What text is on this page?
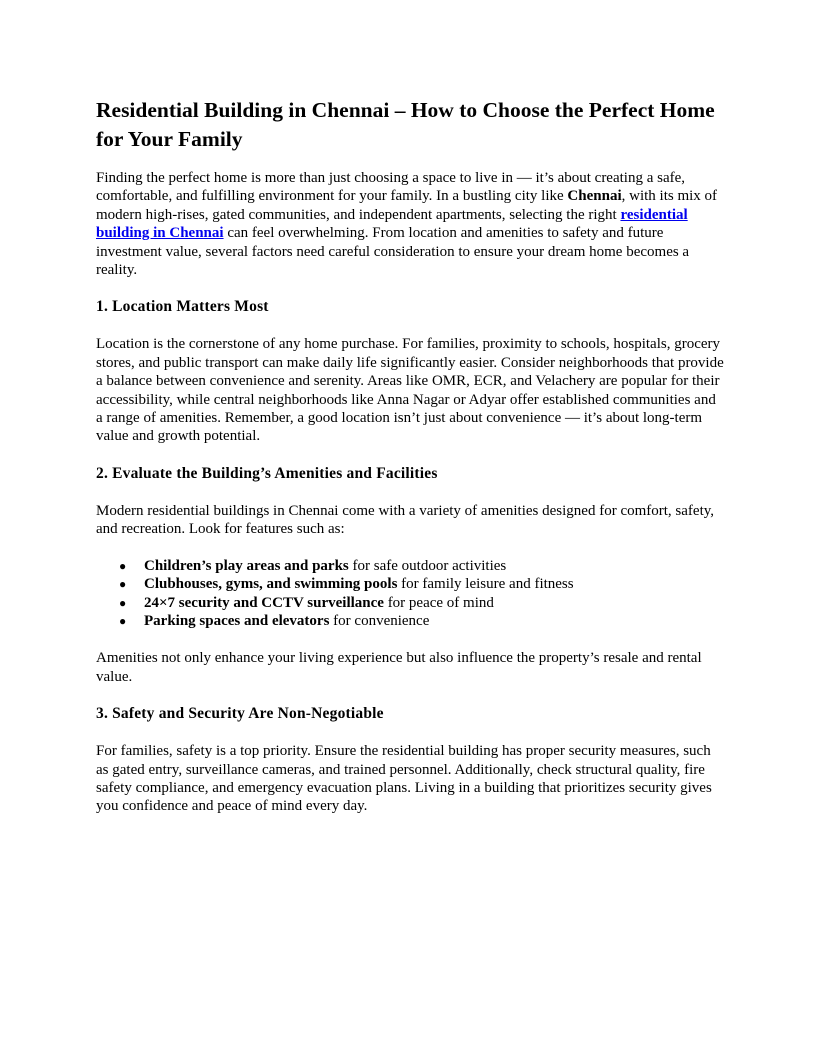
Residential Building in Chennai – How to Choose the Perfect Home for Your Family

Finding the perfect home is more than just choosing a space to live in — it’s about creating a safe, comfortable, and fulfilling environment for your family. In a bustling city like Chennai, with its mix of modern high-rises, gated communities, and independent apartments, selecting the right residential building in Chennai can feel overwhelming. From location and amenities to safety and future investment value, several factors need careful consideration to ensure your dream home becomes a reality.

1. Location Matters Most

Location is the cornerstone of any home purchase. For families, proximity to schools, hospitals, grocery stores, and public transport can make daily life significantly easier. Consider neighborhoods that provide a balance between convenience and serenity. Areas like OMR, ECR, and Velachery are popular for their accessibility, while central neighborhoods like Anna Nagar or Adyar offer established communities and a range of amenities. Remember, a good location isn’t just about convenience — it’s about long-term value and growth potential.

2. Evaluate the Building’s Amenities and Facilities

Modern residential buildings in Chennai come with a variety of amenities designed for comfort, safety, and recreation. Look for features such as:

● Children’s play areas and parks for safe outdoor activities
● Clubhouses, gyms, and swimming pools for family leisure and fitness
● 24×7 security and CCTV surveillance for peace of mind
● Parking spaces and elevators for convenience

Amenities not only enhance your living experience but also influence the property’s resale and rental value.

3. Safety and Security Are Non-Negotiable

For families, safety is a top priority. Ensure the residential building has proper security measures, such as gated entry, surveillance cameras, and trained personnel. Additionally, check structural quality, fire safety compliance, and emergency evacuation plans. Living in a building that prioritizes security gives you confidence and peace of mind every day.
